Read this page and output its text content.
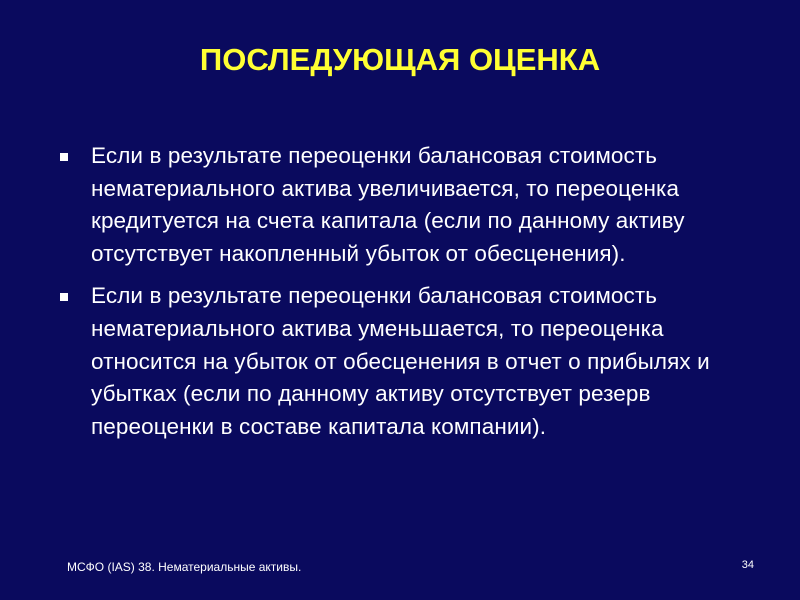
ПОСЛЕДУЮЩАЯ ОЦЕНКА
Если в результате переоценки балансовая стоимость нематериального актива увеличивается, то переоценка кредитуется на счета капитала (если по данному активу отсутствует накопленный убыток от обесценения).
Если в результате переоценки балансовая стоимость нематериального актива уменьшается, то переоценка относится на убыток от обесценения в отчет о прибылях и убытках (если по данному активу отсутствует резерв переоценки в составе капитала компании).
МСФО (IAS) 38. Нематериальные активы.	34
